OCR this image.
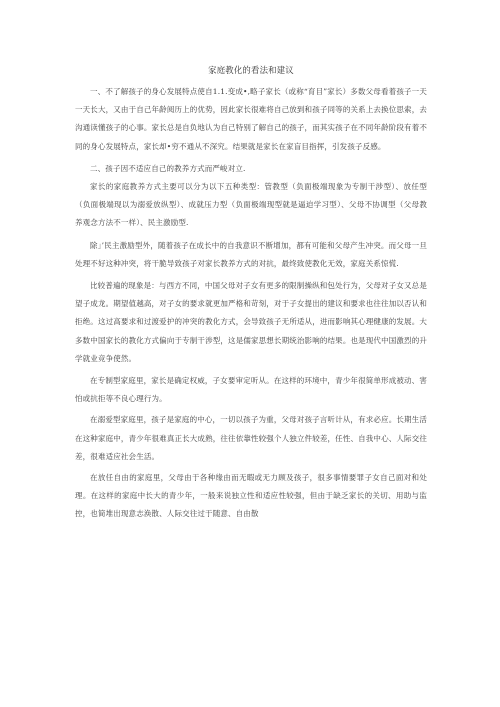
家庭教化的看法和建议

一、不了解孩子的身心发展特点使自1.1.变成•,略子家长（或称“育目”家长）多数父母看着孩子一天一天长大，又由于自己年龄阅历上的优势，因此家长很难将自己放到和孩子同等的关系上去换位思索，去沟通读懂孩子的心事。家长总是自负地认为自己特别了解自己的孩子，而其实孩子在不同年龄阶段有着不同的身心发展特点，家长却•穷不通从不深究。结果就是家长在家盲目指挥，引发孩子反感。

二、孩子因不适应自己的教养方式而严峻对立.

家长的家庭教养方式主要可以分为以下五种类型：管教型（负面极端现象为专制干涉型）、放任型（负面极端现以为溺爱放纵型）、成就压力型（负面极端现型就是逼迫学习型）、父母不协调型（父母教养观念方法不一样）、民主激励型.

除」’民主激励型外，随着孩子在成长中的自我意识不断增加，都有可能和父母产生冲突。而父母一旦处理不好这种冲突，将干脆导致孩子对家长教养方式的对抗，最终致使教化无效，家庭关系惊慌.

比较普遍的现象是：与西方不同，中国父母对子女有更多的限制操纵和包处行为，父母对子女又总是望子成龙。期望值越高，对子女的要求就更加严格和苛刻，对于子女提出的建议和要求也往往加以否认和拒绝。这过高要求和过渡爱护的冲突的教化方式，会导致孩子无所适从，进而影响其心理健康的发展。大多数中国家长的教化方式偏向于专制干涉型，这是儒家思想长期统治影响的结果。也是现代中国激烈的升学就业竞争使然。

在专制型家庭里，家长是确定权威，子女要审定听从。在这样的环境中，青少年很简单形成被动、害怕或抗拒等不良心理行为。

在溺爱型家庭里，孩子是家庭的中心，一切以孩子为重，父母对孩子言听计从，有求必应。长期生活在这种家庭中，青少年很难真正长大成熟，往往依靠性较强个人独立件较差，任性、自我中心、人际交往差，很难适应社会生活。

在放任自由的家庭里，父母由于各种缘由而无暇或无力顾及孩子，很多事情要罪子女自己面对和处理。在这样的家庭中长大的青少年，一般来说独立性和适应性较强，但由于缺乏家长的关切、用助与监控，也简堆出现意志涣散、人际交往过于随意、自由散
